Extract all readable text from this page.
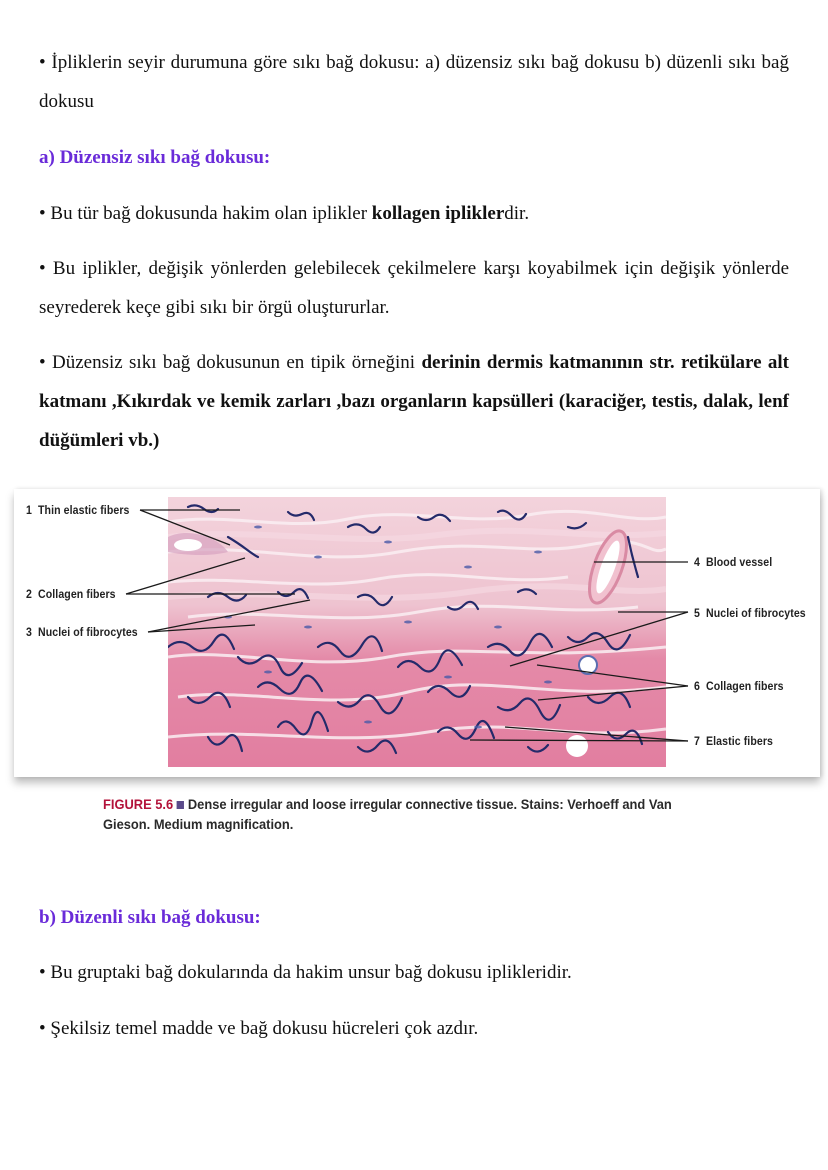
• İpliklerin seyir durumuna göre sıkı bağ dokusu: a) düzensiz sıkı bağ dokusu b) düzenli sıkı bağ dokusu
a) Düzensiz sıkı bağ dokusu:
• Bu tür bağ dokusunda hakim olan iplikler kollagen ipliklerdir.
• Bu iplikler, değişik yönlerden gelebilecek çekilmelere karşı koyabilmek için değişik yönlerde seyrederek keçe gibi sıkı bir örgü oluştururlar.
• Düzensiz sıkı bağ dokusunun en tipik örneğini derinin dermis katmanının str. retikülare alt katmanı ,Kıkırdak ve kemik zarları ,bazı organların kapsülleri (karaciğer, testis, dalak, lenf düğümleri vb.)
1 Thin elastic fibers
2 Collagen fibers
3 Nuclei of fibrocytes
4 Blood vessel
5 Nuclei of fibrocytes
6 Collagen fibers
7 Elastic fibers
FIGURE 5.6 Dense irregular and loose irregular connective tissue. Stains: Verhoeff and Van Gieson. Medium magnification.
b) Düzenli sıkı bağ dokusu:
• Bu gruptaki bağ dokularında da hakim unsur bağ dokusu iplikleridir.
• Şekilsiz temel madde ve bağ dokusu hücreleri çok azdır.
